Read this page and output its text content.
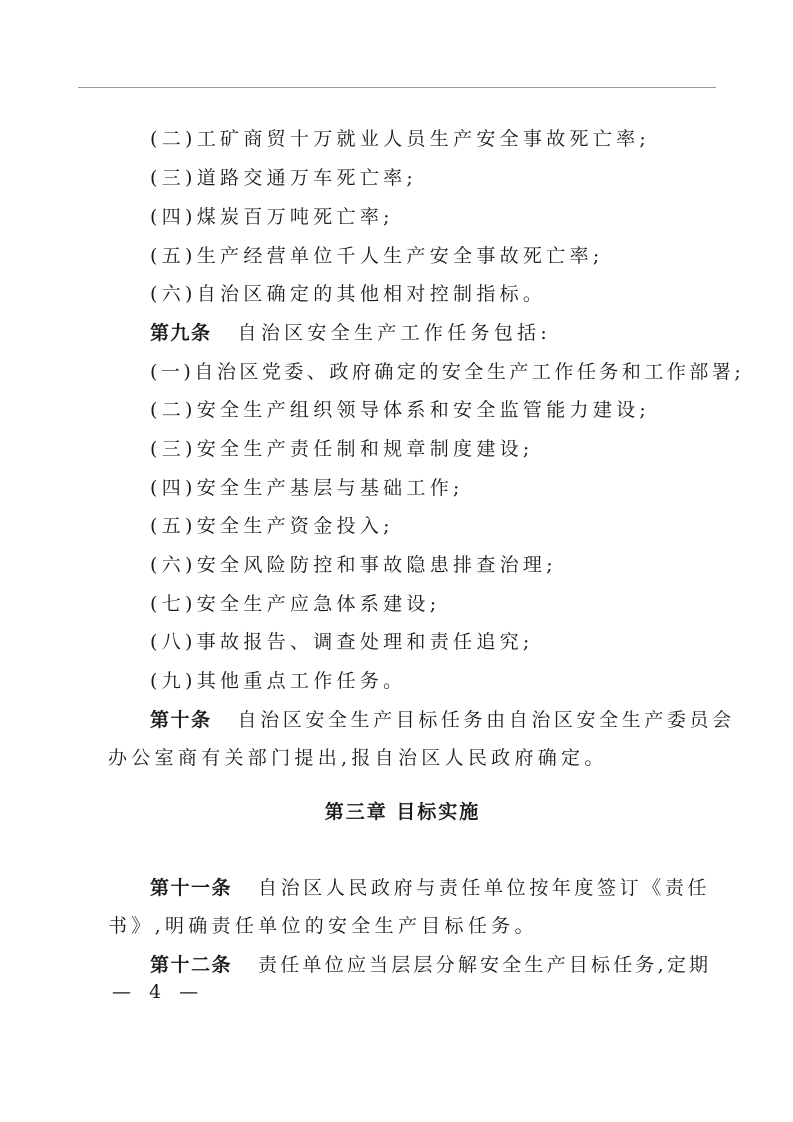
(二)工矿商贸十万就业人员生产安全事故死亡率;
(三)道路交通万车死亡率;
(四)煤炭百万吨死亡率;
(五)生产经营单位千人生产安全事故死亡率;
(六)自治区确定的其他相对控制指标。
第九条 自治区安全生产工作任务包括:
(一)自治区党委、政府确定的安全生产工作任务和工作部署;
(二)安全生产组织领导体系和安全监管能力建设;
(三)安全生产责任制和规章制度建设;
(四)安全生产基层与基础工作;
(五)安全生产资金投入;
(六)安全风险防控和事故隐患排查治理;
(七)安全生产应急体系建设;
(八)事故报告、调查处理和责任追究;
(九)其他重点工作任务。
第十条 自治区安全生产目标任务由自治区安全生产委员会
办公室商有关部门提出,报自治区人民政府确定。
第三章 目标实施
第十一条 自治区人民政府与责任单位按年度签订《责任
书》,明确责任单位的安全生产目标任务。
第十二条 责任单位应当层层分解安全生产目标任务,定期
— 4 —
